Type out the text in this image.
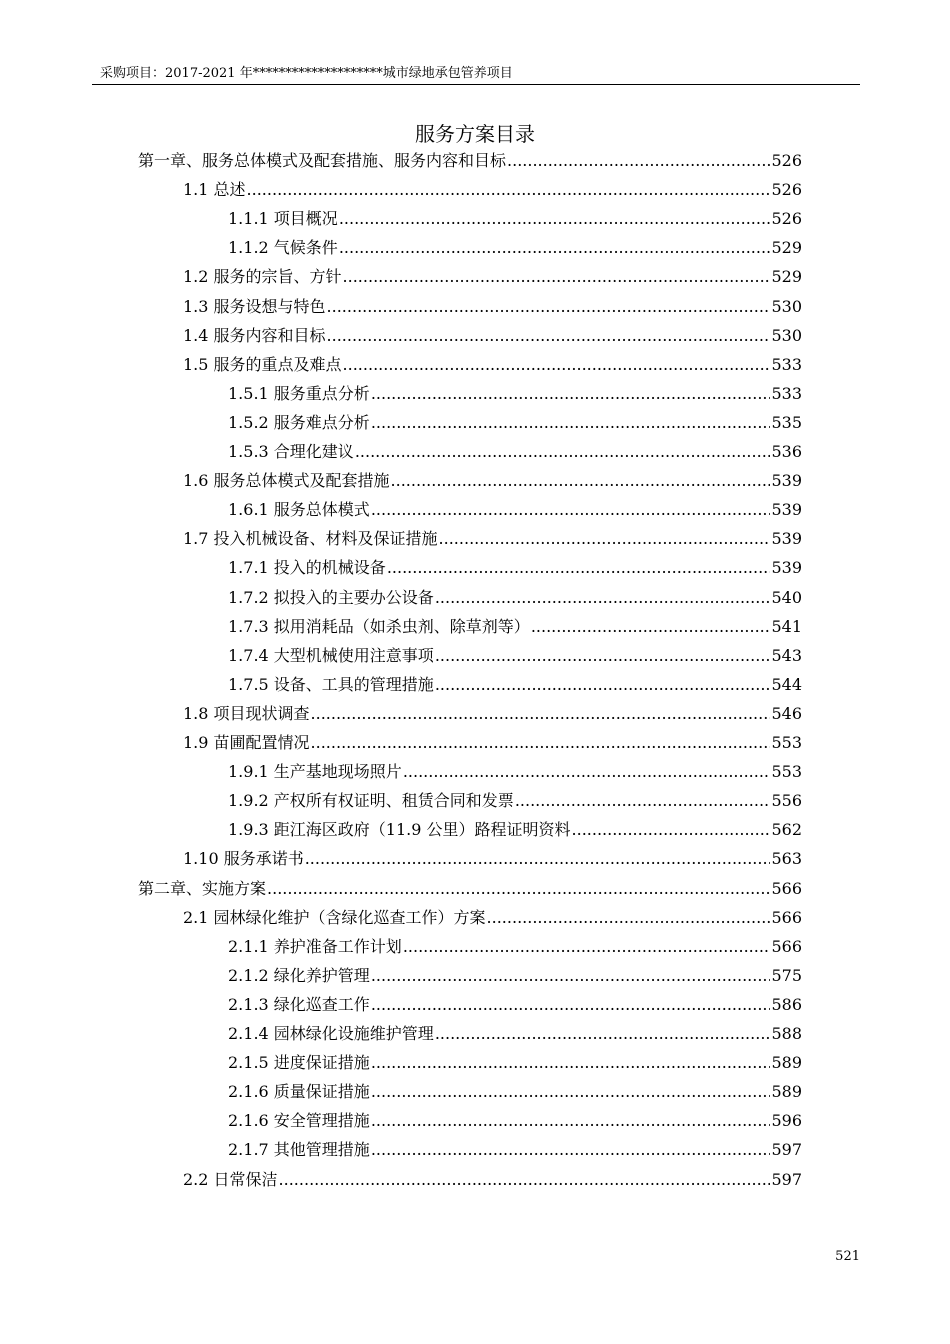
采购项目：2017-2021 年********************城市绿地承包管养项目
服务方案目录
第一章、服务总体模式及配套措施、服务内容和目标 .....	526
1.1 总述 .....	526
1.1.1 项目概况 .....	526
1.1.2 气候条件 .....	529
1.2 服务的宗旨、方针 .....	529
1.3 服务设想与特色 .....	530
1.4 服务内容和目标 .....	530
1.5 服务的重点及难点 .....	533
1.5.1 服务重点分析 .....	533
1.5.2 服务难点分析 .....	535
1.5.3 合理化建议 .....	536
1.6 服务总体模式及配套措施 .....	539
1.6.1 服务总体模式 .....	539
1.7 投入机械设备、材料及保证措施 .....	539
1.7.1 投入的机械设备 .....	539
1.7.2 拟投入的主要办公设备 .....	540
1.7.3 拟用消耗品（如杀虫剂、除草剂等） .....	541
1.7.4 大型机械使用注意事项 .....	543
1.7.5 设备、工具的管理措施 .....	544
1.8 项目现状调查 .....	546
1.9 苗圃配置情况 .....	553
1.9.1 生产基地现场照片 .....	553
1.9.2 产权所有权证明、租赁合同和发票 .....	556
1.9.3 距江海区政府（11.9 公里）路程证明资料 .....	562
1.10 服务承诺书 .....	563
第二章、实施方案 .....	566
2.1 园林绿化维护（含绿化巡查工作）方案 .....	566
2.1.1 养护准备工作计划 .....	566
2.1.2 绿化养护管理 .....	575
2.1.3 绿化巡查工作 .....	586
2.1.4 园林绿化设施维护管理 .....	588
2.1.5 进度保证措施 .....	589
2.1.6 质量保证措施 .....	589
2.1.6 安全管理措施 .....	596
2.1.7 其他管理措施 .....	597
2.2 日常保洁 .....	597
521
